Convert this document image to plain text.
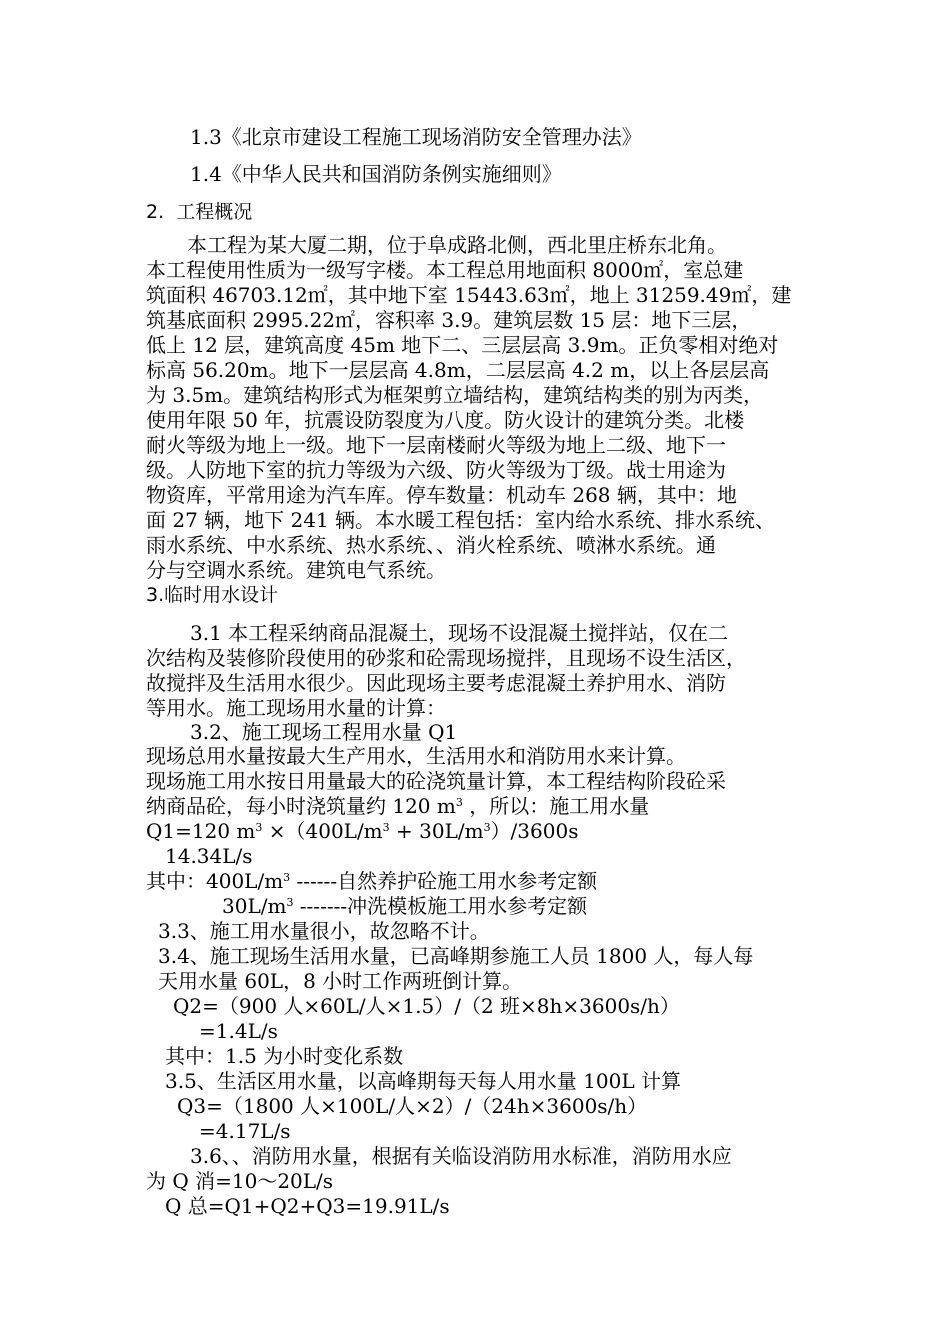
1.3《北京市建设工程施工现场消防安全管理办法》
1.4《中华人民共和国消防条例实施细则》
2.  工程概况
本工程为某大厦二期，位于阜成路北侧，西北里庄桥东北角。
本工程使用性质为一级写字楼。本工程总用地面积 8000㎡，室总建
筑面积 46703.12㎡，其中地下室 15443.63㎡，地上 31259.49㎡，建
筑基底面积 2995.22㎡，容积率 3.9。建筑层数 15 层：地下三层，
低上 12 层，建筑高度 45m 地下二、三层层高 3.9m。正负零相对绝对
标高 56.20m。地下一层层高 4.8m，二层层高 4.2 m，以上各层层高
为 3.5m。建筑结构形式为框架剪立墙结构，建筑结构类的别为丙类，
使用年限 50 年，抗震设防裂度为八度。防火设计的建筑分类。北楼
耐火等级为地上一级。地下一层南楼耐火等级为地上二级、地下一
级。人防地下室的抗力等级为六级、防火等级为丁级。战士用途为
物资库，平常用途为汽车库。停车数量：机动车 268 辆，其中：地
面 27 辆，地下 241 辆。本水暖工程包括：室内给水系统、排水系统、
雨水系统、中水系统、热水系统、、消火栓系统、喷淋水系统。通
分与空调水系统。建筑电气系统。
3.临时用水设计
3.1 本工程采纳商品混凝土，现场不设混凝土搅拌站，仅在二
次结构及装修阶段使用的砂浆和砼需现场搅拌，且现场不设生活区，
故搅拌及生活用水很少。因此现场主要考虑混凝土养护用水、消防
等用水。施工现场用水量的计算：
3.2、施工现场工程用水量 Q1
现场总用水量按最大生产用水，生活用水和消防用水来计算。
现场施工用水按日用量最大的砼浇筑量计算，本工程结构阶段砼采
纳商品砼，每小时浇筑量约 120 $m^3$ ，所以：施工用水量
Q1=120 $m^3 \times(400L/m^3 + 30L/m^3)/3600s$
14.34L/s
其中：$400L/m^3$ ------自然养护砼施工用水参考定额
$30L/m^3$ -------冲洗模板施工用水参考定额
3.3、施工用水量很小，故忽略不计。
3.4、施工现场生活用水量，已高峰期参施工人员 1800 人，每人每
天用水量 60L，8 小时工作两班倒计算。
Q2=（900 人×60L/人×1.5）/（2 班×8h×3600s/h）
=1.4L/s
其中：1.5 为小时变化系数
3.5、生活区用水量，以高峰期每天每人用水量 100L 计算
Q3=（1800 人×100L/人×2）/（24h×3600s/h）
=4.17L/s
3.6、、消防用水量，根据有关临设消防用水标准，消防用水应
为 Q 消=10～20L/s
Q 总=Q1+Q2+Q3=19.91L/s
